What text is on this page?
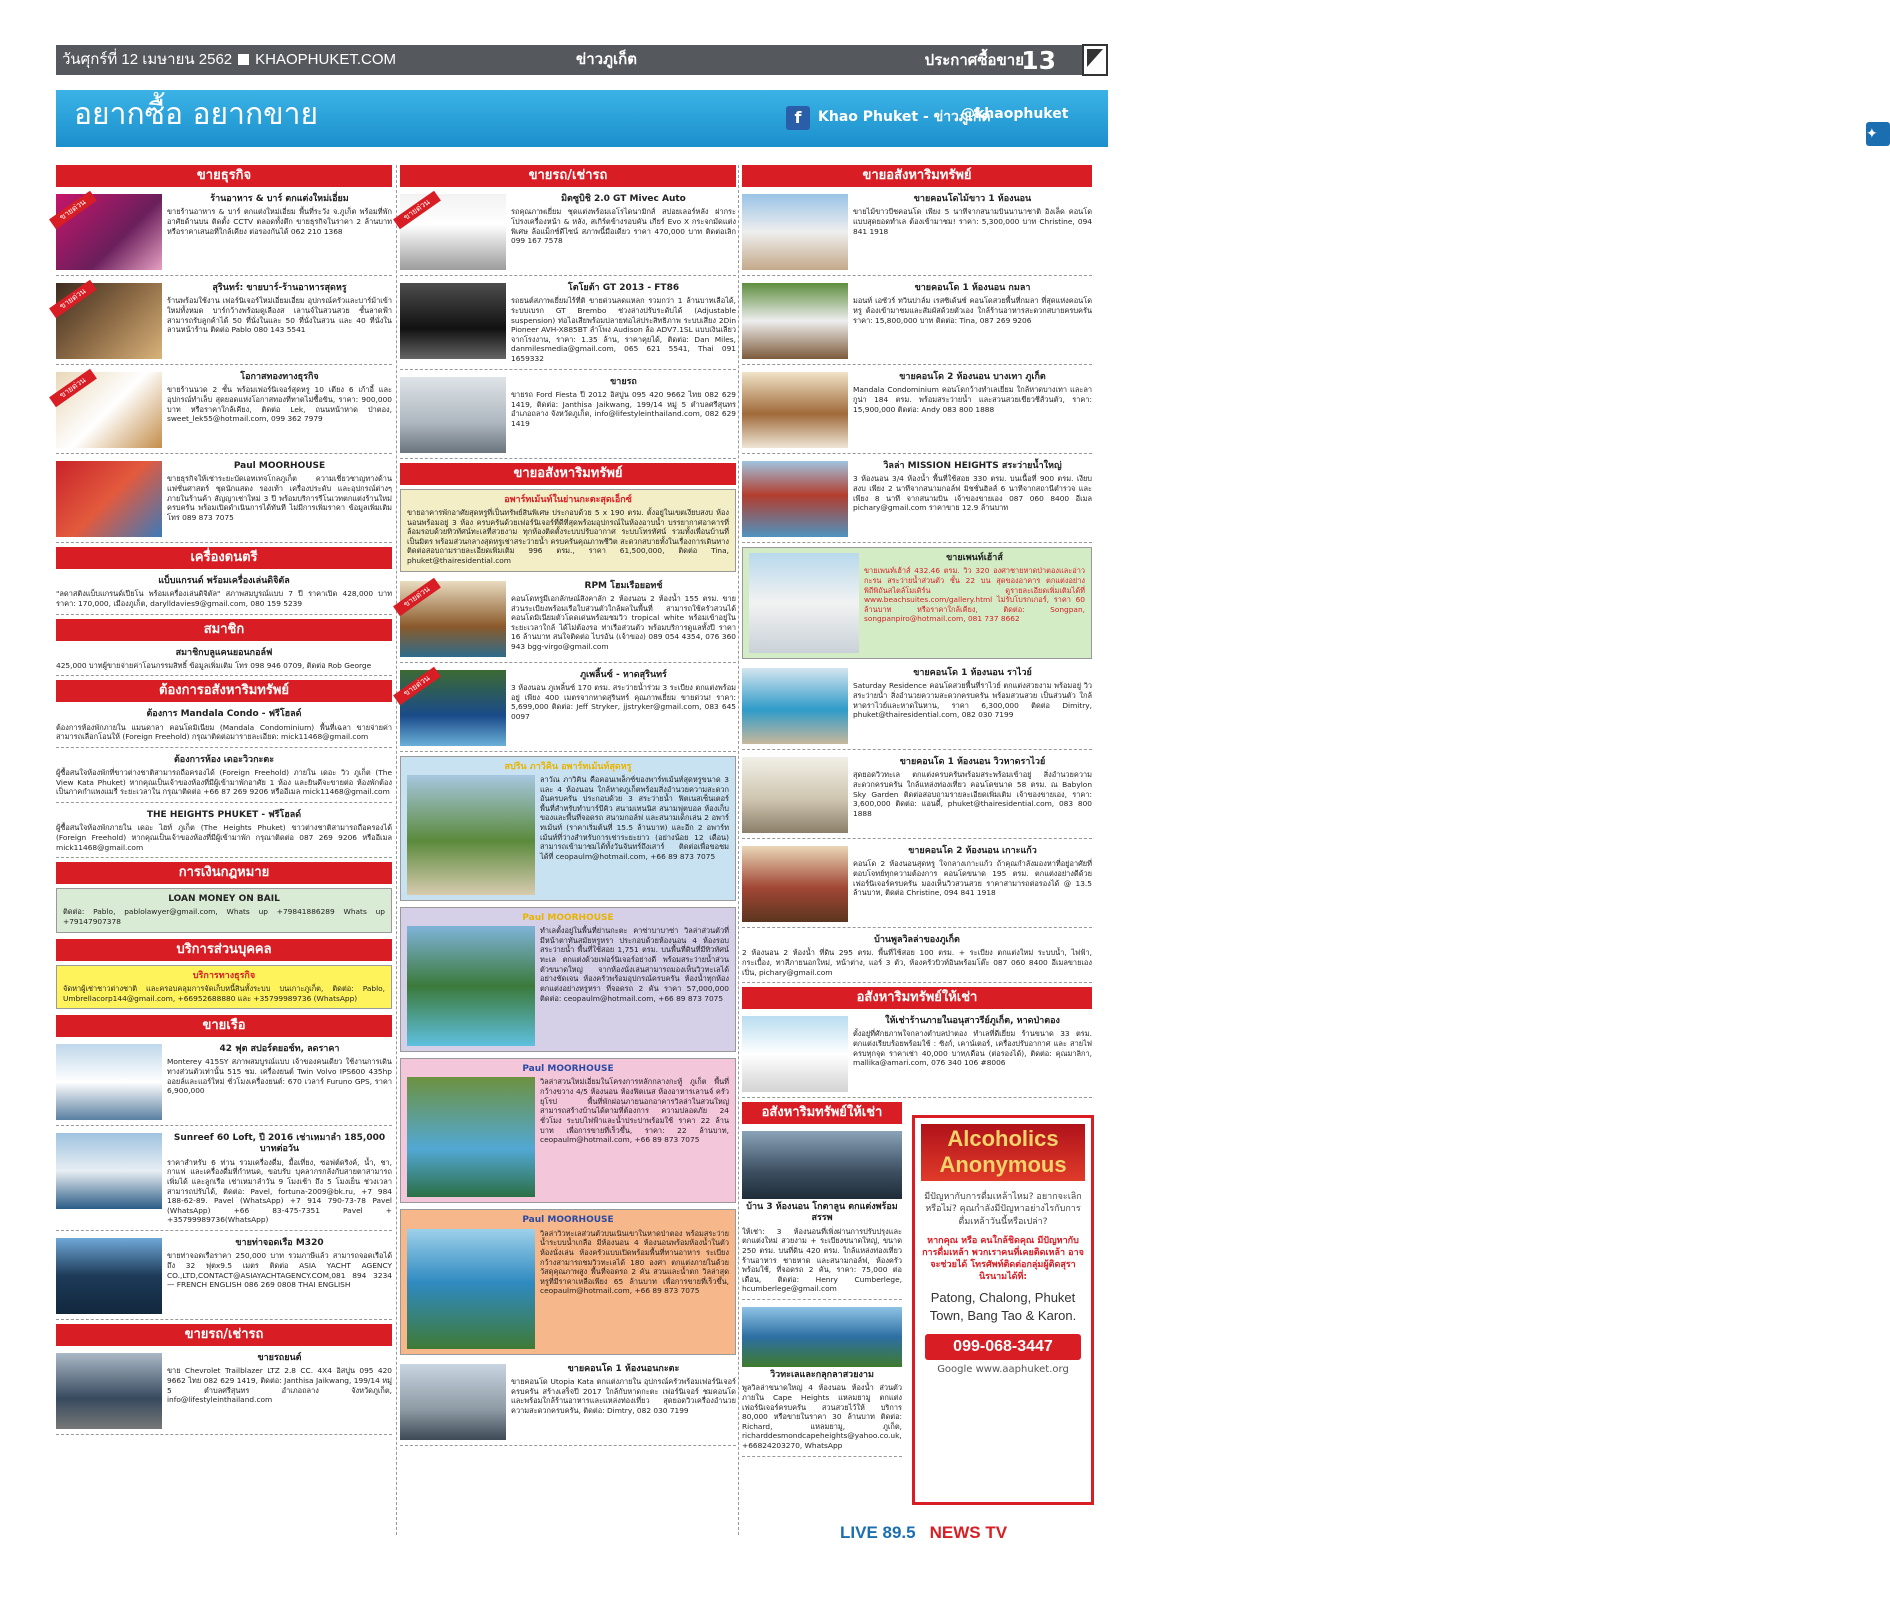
วันศุกร์ที่ 12 เมษายน 2562 KHAOPHUKET.COM	ข่าวภูเก็ต	ประกาศซื้อขาย
13
อยากซื้อ อยากขาย	f	Khao Phuket - ข่าวภูเก็ต
✦
@khaophuket
ขายธุรกิจ
ขายด่วน	ร้านอาหาร & บาร์ ตกแต่งใหม่เอี่ยม
ขายร้านอาหาร & บาร์ ตกแต่งใหม่เอี่ยม พื้นที่ระวัง จ.ภูเก็ต พร้อมที่พักอาศัยด้านบน ติดตั้ง CCTV ตลอดทั้งตึก ขายธุรกิจในราคา 2 ล้านบาท หรือราคาเสนอที่ใกล้เคียง ต่อรองกันได้ 062 210 1368
ขายด่วน	สุรินทร์: ขายบาร์-ร้านอาหารสุดหรู
ร้านพร้อมใช้งาน เฟอร์นิเจอร์ใหม่เอี่ยมเอี่ยม อุปกรณ์ครัวและบาร์ม้าเข้าใหม่ทั้งหมด บาร์กว้างพร้อมดูเลืองส เลานจ์ในสวนสวย ชั้นลาดฟ้าสามารถรับลูกค้าได้ 50 ที่นั่งในและ 50 ที่นั่งในสวน และ 40 ที่นั่งในลานหน้าร้าน ติดต่อ Pablo 080 143 5541
ขายด่วน	โอกาสทองทางธุรกิจ
ขายร้านนวด 2 ชั้น พร้อมเฟอร์นิเจอร์สุดหรู 10 เตียง 6 เก้าอี้ และอุปกรณ์ทำเล็บ สุดยอดแห่งโอกาสทองที่ทาดไม่ซื้อขิน, ราคา: 900,000 บาท หรือราคาใกล้เคียง, ติดต่อ Lek, ถนนหน้าหาด ป่าตอง, sweet_lek55@hotmail.com, 099 362 7979
Paul MOORHOUSE
ขายธุรกิจให้เช่าระยะบัดเอทเทจโกลภูเก็ต ความเชี่ยวชาญทางด้านแฟชั่นศาสตร์ ชุดนักแสดง รองเท้า เครื่องประดับ และอุปกรณ์ต่างๆ ภายในร้านค้า สัญญาเช่าใหม่ 3 ปี พร้อมบริการรีโนเวทตกแต่งร้านใหม่ครบครัน พร้อมเปิดดำเนินการได้ทันที ไม่มีการเพิ่มราคา ข้อมูลเพิ่มเติมโทร 089 873 7075
เครื่องดนตรี
แบ็บแกรนด์ พร้อมเครื่องเล่นดิจิตัล
"ลดาสติงแบ็บแกรนด์เปียโน พร้อมเครื่องเล่นดิจิตัล" สภาพสมบูรณ์แบบ 7 ปี ราคาเปิด 428,000 บาท ราคา: 170,000, เมืองภูเก็ต, darylldavies9@gmail.com, 080 159 5239
สมาชิก
สมาชิกบลูแคนยอนกอล์ฟ
425,000 บาทผู้ขายจ่ายค่าโอนกรรมสิทธิ์ ข้อมูลเพิ่มเติม โทร 098 946 0709, ติดต่อ Rob George
ต้องการอสังหาริมทรัพย์
ต้องการ Mandala Condo - ฟรีโฮลด์
ต้องการห้องพักภายใน แมนดาลา คอนโดมิเนียม (Mandala Condominium) พื้นที่เฉลา ขายจ่ายค่าสามารถเลือกโอนให้ (Foreign Freehold) กรุณาติดต่อมารายละเอียด: mick11468@gmail.com
ต้องการห้อง เดอะวิวกะตะ
ผู้ซื้อสนใจห้องพักที่ขาวต่างชาติสามารถถือครองได้ (Foreign Freehold) ภายใน เดอะ วิว ภูเก็ต (The View Kata Phuket) หากคุณเป็นเจ้าของห้องที่มีผู้เข้ามาพักอาศัย 1 ห้อง และยินดีจะขายต่อ ห้องพักต้องเป็นภาคกำแพงแมรี่ ระยะเวลาใน กรุณาติดต่อ +66 87 269 9206 หรืออีเมล mick11468@gmail.com
THE HEIGHTS PHUKET - ฟรีโฮลด์
ผู้ซื้อสนใจห้องพักภายใน เดอะ ไฮท์ ภูเก็ต (The Heights Phuket) ขาวต่างชาติสามารถถือครองได้ (Foreign Freehold) หากคุณเป็นเจ้าของห้องที่มีผู้เข้ามาพัก กรุณาติดต่อ 087 269 9206 หรืออีเมล mick11468@gmail.com
การเงินกฎหมาย
LOAN MONEY ON BAIL
ติดต่อ: Pablo, pablolawyer@gmail.com, Whats up +79841886289 Whats up +79147907378
บริการส่วนบุคคล
บริการทางธุรกิจ
จัดหาผู้เช่าชาวต่างชาติ และครอบคลุมการจัดเก็บหนี้สินทั้งระบบ บนเกาะภูเก็ต, ติดต่อ: Pablo, Umbrellacorp144@gmail.com, +66952688880 และ +35799989736 (WhatsApp)
ขายเรือ
42 ฟุต สปอร์ตยอช์ท, ลดราคา
Monterey 415SY สภาพสมบูรณ์แบบ เจ้าของคนเดียว ใช้งานการเดินทางส่วนตัวเท่านั้น 515 ชม. เครื่องยนต์ Twin Volvo IPS600 435hp ออยล์และแอร์ใหม่ ชั่วโมงเครื่องยนต์: 670 เวลาร์ Furuno GPS, ราคา 6,900,000
Sunreef 60 Loft, ปี 2016 เช่าเหมาลำ 185,000 บาทต่อวัน
ราคาสำหรับ 6 ท่าน รวมเครื่องดื่ม, มื้อเที่ยง, ซอฟต์ดริงค์, น้ำ, ชา, กาแฟ และเครื่องดื่มที่กำหนด, ขอบรับ บุคลากรกลังกับสายตาสามารถเพิ่มได้ และลูกเรือ เช่าเหมาลำวัน 9 โมงเช้า ถึง 5 โมงเย็น ช่วงเวลาสามารถปรับได้, ติดต่อ: Pavel, fortuna-2009@bk.ru, +7 984 188-62-89. Pavel (WhatsApp) +7 914 790-73-78 Pavel (WhatsApp) +66 83-475-7351 Pavel + +35799989736(WhatsApp)
ขายท่าจอดเรือ M320
ขายท่าจอดเรือราคา 250,000 บาท รวมภาษีแล้ว สามารถจอดเรือได้ถึง 32 ฟุตx9.5 เมตร ติดต่อ ASIA YACHT AGENCY CO.,LTD,CONTACT@ASIAYACHTAGENCY.COM,081 894 3234 — FRENCH ENGLISH 086 269 0808 THAI ENGLISH
ขายรถ/เช่ารถ
ขายรถยนต์
ขาย Chevrolet Trailblazer LTZ 2.8 CC. 4X4 อิสปูน 095 420 9662 ไทย 082 629 1419, ติดต่อ: Janthisa Jaikwang, 199/14 หมู่ 5 ตำบลศรีสุนทร อำเภอถลาง จังหวัดภูเก็ต, info@lifestyleinthailand.com
ขายรถ/เช่ารถ
ขายด่วน	มิตซูบิชิ 2.0 GT Mivec Auto
รถคุณภาพเยี่ยม ชุดแต่งพร้อมเอโรไดนามิกส์ สปอยเลอร์หลัง ฝากระโปรงเครื่องหน้า & หลัง, สเกิร์ตข้างรอบคัน เกียร์ Evo X กระจกมัดแต่งพิเศษ ล้อแม็กซ์ดีไซน์ สภาพนี้มือเดียว ราคา 470,000 บาท ติดต่อเลิก 099 167 7578
โตโยต้า GT 2013 - FT86
รถยนต์สภาพเยี่ยมไร้ที่ติ ขายด่วนลดแหลก รวมกว่า 1 ล้านบาทเลือได้, ระบบเบรก GT Brembo ช่วงล่างปรับระดับได้ (Adjustable suspension) ท่อไอเสียพร้อมปลายท่อไล่ประสิทธิภาพ ระบบเสียง 2Din Pioneer AVH-X885BT ลำโพง Audison ล้อ ADV7.1SL แบบเงินเลียว จากโรงงาน, ราคา: 1.35 ล้าน, ราคาคุยได้, ติดต่อ: Dan Miles, danmilesmedia@gmail.com, 065 621 5541, Thai 091 1659332
ขายรถ
ขายรถ Ford Fiesta ปี 2012 อิสปูน 095 420 9662 ไทย 082 629 1419, ติดต่อ: Janthisa Jaikwang, 199/14 หมู่ 5 ตำบลศรีสุนทร อำเภอถลาง จังหวัดภูเก็ต, info@lifestyleinthailand.com, 082 629 1419
ขายอสังหาริมทรัพย์
อพาร์ทเม้นท์ในย่านกะตะสุดเอ็กซ์
ขายอาคารพักอาศัยสุดหรูที่เป็นทรัพย์สินพิเศษ ประกอบด้วย 5 x 190 ตรม. ตั้งอยู่ในเขตเงียบสงบ ห้องนอนพร้อมอยู่ 3 ห้อง ครบครันด้วยเฟอร์นิเจอร์ที่ดีที่สุดพร้อมอุปกรณ์ในห้องอาบน้ำ บรรยากาศอาคารที่ล้อมรอบด้วยทิวทัศน์ทะเลที่สวยงาม ทุกห้องติดตั้งระบบปรับอากาศ ระบบโทรทัศน์ รวมทั้งเพื่อนบ้านที่เป็นมิตร พร้อมส่วนกลางสุดหรูเช่าสระว่ายน้ำ ครบครันคุณภาพชีวิต สะดวกสบายทั้งในเรื่องการเดินทาง ติดต่อสอบถามรายละเอียดเพิ่มเติม 996 ตรม., ราคา 61,500,000, ติดต่อ Tina, phuket@thairesidential.com
ขายด่วน	RPM โฮมเรือยอทช์
คอนโดหรูมีเอกลักษณ์สิงคาลัก 2 ห้องนอน 2 ห้องน้ำ 155 ตรม. ขายส่วนระเบียงพร้อมเรือใบส่วนตัวใกล้ผลในพื้นที่ สามารถใช้ครัวสวนได้ คอนโดมิเนียมตัวโดดเด่นพร้อมชมวิว tropical white พร้อมเข้าอยู่ในระยะเวลาใกล้ ได้ไม่ต้องรอ ท่าเรือส่วนตัว พร้อมบริการดูแลทั้งปี ราคา 16 ล้านบาท สนใจติดต่อ ไบรอัน (เจ้าของ) 089 054 4354, 076 360 943 bgg-virgo@gmail.com
ขายด่วน	ภูเพลิ้นซ์ - หาดสุรินทร์
3 ห้องนอน ภูเพลิ้นซ์ 170 ตรม. สระว่ายน้ำร่วม 3 ระเบียง ตกแต่งพร้อมอยู่ เพียง 400 เมตรจากหาดสุรินทร์ คุณภาพเยี่ยม ขายด่วน! ราคา: 5,699,000 ติดต่อ: Jeff Stryker, jjstryker@gmail.com, 083 645 0097
สปริน ภาวิคิน อพาร์ทเม้นท์สุดหรู
ลาวัณ ภาวิคิน คือคอนเพล็กซ์ของพาร์ทเม้นท์สุดหรูขนาด 3 และ 4 ห้องนอน ใกล้หาดภูเก็ตพร้อมสิ่งอำนวยความสะดวกอันครบครัน ประกอบด้วย 3 สระว่ายน้ำ ฟิตเนสเซ็นเตอร์ พื้นที่สำหรับทำบาร์บีคิว สนามเทนนิส สนามฟุตบอล ห้องเก็บของและพื้นที่จอดรถ สนามกอล์ฟ และสนามเด็กเล่น 2 อพาร์ทเม้นท์ (ราคาเริ่มต้นที่ 15.5 ล้านบาท) และอีก 2 อพาร์ทเม้นท์ที่ว่างสำหรับการเช่าระยะยาว (อย่างน้อย 12 เดือน) สามารถเข้ามาชมได้ทั้งวันจันทร์ถึงเสาร์ ติดต่อเพื่อขอชมได้ที่ ceopaulm@hotmail.com, +66 89 873 7075
Paul MOORHOUSE
ทำเลตั้งอยู่ในพื้นที่ย่านกะตะ คาซ่าบาบาซ่า วิลล่าส่วนตัวที่มีหน้าตาทันสมัยหรูหรา ประกอบด้วยห้องนอน 4 ห้องรอบสระว่ายน้ำ พื้นที่ใช้สอย 1,751 ตรม. บนพื้นที่ดินที่มีทิวทัศน์ทะเล ตกแต่งด้วยเฟอร์นิเจอร์อย่างดี พร้อมสระว่ายน้ำส่วนตัวขนาดใหญ่ จากห้องนั่งเล่นสามารถมองเห็นวิวทะเลได้อย่างชัดเจน ห้องครัวพร้อมอุปกรณ์ครบครัน ห้องน้ำทุกห้องตกแต่งอย่างหรูหรา ที่จอดรถ 2 คัน ราคา 57,000,000 ติดต่อ: ceopaulm@hotmail.com, +66 89 873 7075
Paul MOORHOUSE
วิลล่าสวนใหม่เอี่ยมในโครงการหลักกลางกะทู้ ภูเก็ต พื้นที่กว้างขวาง 4/5 ห้องนอน ห้องฟิตเนส ห้องอาหารเลานจ์ ครัวยุโรป พื้นที่พักผ่อนภายนอกอาคารวิลล่าในสวนใหญ่ สามารถสร้างบ้านได้ตามที่ต้องการ ความปลอดภัย 24 ชั่วโมง ระบบไฟฟ้าและน้ำประปาพร้อมใช้ ราคา 22 ล้านบาท เพื่อการขายที่เร็วขึ้น, ราคา: 22 ล้านบาท, ceopaulm@hotmail.com, +66 89 873 7075
Paul MOORHOUSE
วิลล่าวิวทะเลส่วนตัวบนเนินเขาในหาดป่าตอง พร้อมสระว่ายน้ำระบบน้ำเกลือ มีห้องนอน 4 ห้องนอนพร้อมห้องน้ำในตัว ห้องนั่งเล่น ห้องครัวแบบเปิดพร้อมพื้นที่ทานอาหาร ระเบียงกว้างสามารถชมวิวทะเลได้ 180 องศา ตกแต่งภายในด้วยวัสดุคุณภาพสูง พื้นที่จอดรถ 2 คัน สวนและน้ำตก วิลล่าสุดหรูที่มีราคาเหลือเพียง 65 ล้านบาท เพื่อการขายที่เร็วขึ้น, ceopaulm@hotmail.com, +66 89 873 7075
ขายคอนโด 1 ห้องนอนกะตะ
ขายคอนโด Utopia Kata ตกแต่งภายใน อุปกรณ์ครัวพร้อมเฟอร์นิเจอร์ครบครัน สร้างเสร็จปี 2017 ใกล้กับหาดกะตะ เฟอร์นิเจอร์ ชมคอนโดและพร้อมใกล้ร้านอาหารและแหล่งท่องเที่ยว สุดยอดวิวเครื่องอำนวยความสะดวกครบครัน, ติดต่อ: Dimtry, 082 030 7199
ขายอสังหาริมทรัพย์
ขายคอนโดไม้ขาว 1 ห้องนอน
ขายไม้ขาวบีชคอนโด เพียง 5 นาทีจากสนามบินนานาชาติ อิงเล็ด คอนโดแบบสุดยอดทำเล ต้องเข้ามาชม! ราคา: 5,300,000 บาท Christine, 094 841 1918
ขายคอนโด 1 ห้องนอน กมลา
มอนท์ เอซัวร์ ทวินปาล์ม เรสซิเด้นซ์ คอนโดสวยพื้นที่กมลา ที่สุดแห่งคอนโดหรู ต้องเข้ามาชมและสัมผัสด้วยตัวเอง ใกล้ร้านอาหารสะดวกสบายครบครัน ราคา: 15,800,000 บาท ติดต่อ: Tina, 087 269 9206
ขายคอนโด 2 ห้องนอน บางเทา ภูเก็ต
Mandala Condominium คอนโดกว้างทำเลเยี่ยม ใกล้หาดบางเทา และลากูน่า 184 ตรม. พร้อมสระว่ายน้ำ และสวนสวยเขียวชีส้วนตัว, ราคา: 15,900,000 ติดต่อ: Andy 083 800 1888
วิลล่า MISSION HEIGHTS สระว่ายน้ำใหญ่
3 ห้องนอน 3/4 ห้องน้ำ พื้นที่ใช้สอย 330 ตรม. บนเนื้อที่ 900 ตรม. เงียบสงบ เพียง 2 นาทีจากสนามกอล์ฟ มิชชั่นฮิลส์ 6 นาทีจากสถานีตำรวจ และเพียง 8 นาที จากสนามบิน เจ้าของขายเอง 087 060 8400 อีเมล pichary@gmail.com ราคาขาย 12.9 ล้านบาท
ขายเพนท์เฮ้าส์
ขายเพนท์เฮ้าส์ 432.46 ตรม. วิว 320 องศาชายหาดป่าตองและอ่าวกะรน สระว่ายน้ำส่วนตัว ชั้น 22 บน สุดของอาคาร ตกแต่งอย่างพิถีพิถันสไตล์โมเดิร์น ดูรายละเอียดเพิ่มเติมได้ที่ www.beachsuites.com/gallery.html ไม่รับโบรกเกอร์, ราคา 60 ล้านบาท หรือราคาใกล้เคียง, ติดต่อ: Songpan, songpanpiro@hotmail.com, 081 737 8662
ขายคอนโด 1 ห้องนอน ราไวย์
Saturday Residence คอนโดสวยพื้นที่ราไวย์ ตกแต่งสวยงาม พร้อมอยู่ วิวสระว่ายน้ำ สิ่งอำนวยความสะดวกครบครัน พร้อมสวนสวย เป็นส่วนตัว ใกล้หาดราไวย์และหาดในหาน, ราคา 6,300,000 ติดต่อ Dimitry, phuket@thairesidential.com, 082 030 7199
ขายคอนโด 1 ห้องนอน วิวหาดราไวย์
สุดยอดวิวทะเล ตกแต่งครบครันพร้อมสระพร้อมเข้าอยู่ สิ่งอำนวยความสะดวกครบครัน ใกล้แหล่งท่องเที่ยว คอนโดขนาด 58 ตรม. ณ Babylon Sky Garden ติดต่อสอบถามรายละเอียดเพิ่มเติม เจ้าของขายเอง, ราคา: 3,600,000 ติดต่อ: แอนดี้, phuket@thairesidential.com, 083 800 1888
ขายคอนโด 2 ห้องนอน เกาะแก้ว
คอนโด 2 ห้องนอนสุดหรู ใจกลางเกาะแก้ว ถ้าคุณกำลังมองหาที่อยู่อาศัยที่ตอบโจทย์ทุกความต้องการ คอนโดขนาด 195 ตรม. ตกแต่งอย่างดีด้วยเฟอร์นิเจอร์ครบครัน มองเห็นวิวสวนสวย ราคาสามารถต่อรองได้ @ 13.5 ล้านบาท, ติดต่อ Christine, 094 841 1918
บ้านพูลวิลล่าของภูเก็ต
2 ห้องนอน 2 ห้องน้ำ ที่ดิน 295 ตรม. พื้นที่ใช้สอย 100 ตรม. + ระเบียง ตกแต่งใหม่ ระบบน้ำ, ไฟฟ้า, กระเบื้อง, ทาสีภายนอกใหม่, หน้าต่าง, แอร์ 3 ตัว, ห้องครัวบิวท์อินพร้อมโต๊ะ 087 060 8400 อีเมลขายเองเปิ่น, pichary@gmail.com
อสังหาริมทรัพย์ให้เช่า
ให้เช่าร้านภายในอนุสาวรีย์ภูเก็ต, หาดป่าตอง
ตั้งอยู่ที่ศักยภาพใจกลางตำบลป่าตอง ทำเลที่ดีเยี่ยม ร้านขนาด 33 ตรม. ตกแต่งเรียบร้อยพร้อมใช้ : ซิงก์, เคาน์เตอร์, เครื่องปรับอากาศ และ สายไฟครบทุกจุด ราคาเช่า 40,000 บาท/เดือน (ต่อรองได้), ติดต่อ: คุณมาลิกา, mallika@amari.com, 076 340 106 #8006
อสังหาริมทรัพย์ให้เช่า
บ้าน 3 ห้องนอน โกตาลูน ตกแต่งพร้อมสรรพ
ให้เช่า: 3 ห้องนอนที่เพิ่งผ่านการปรับปรุงและตกแต่งใหม่ สวยงาม + ระเบียงขนาดใหญ่, ขนาด 250 ตรม. บนที่ดิน 420 ตรม. ใกล้แหล่งท่องเที่ยว ร้านอาหาร ชายหาด และสนามกอล์ฟ, ห้องครัวพร้อมใช้, ที่จอดรถ 2 คัน, ราคา: 75,000 ต่อเดือน, ติดต่อ: Henry Cumberlege, hcumberlege@gmail.com
วิวทะเลและกลุกลาสวยงาม
พูลวิลล่าขนาดใหญ่ 4 ห้องนอน ห้องน้ำ ส่วนตัวภายใน Cape Heights แหลมยามู ตกแต่งเฟอร์นิเจอร์ครบครัน สวนสวยไว้ให้ บริการ 80,000 หรือขายในราคา 30 ล้านบาท ติดต่อ: Richard, แหลมยามู, ภูเก็ต, richarddesmondcapeheights@yahoo.co.uk, +66824203270, WhatsApp
Alcoholics
Anonymous
มีปัญหากับการดื่มเหล้าไหม? อยากจะเลิกหรือไม่? คุณกำลังมีปัญหาอย่างไรกับการดื่มเหล้าวันนี้หรือเปล่า?
หากคุณ หรือ คนใกล้ชิดคุณ มีปัญหากับการดื่มเหล้า พวกเราคนที่เคยติดเหล้า อาจจะช่วยได้ โทรศัพท์ติดต่อกลุ่มผู้ติดสุรานิรนามได้ที่:
Patong, Chalong, Phuket Town, Bang Tao & Karon.
099-068-3447
Google www.aaphuket.org
LIVE 89.5 NEWS TV
